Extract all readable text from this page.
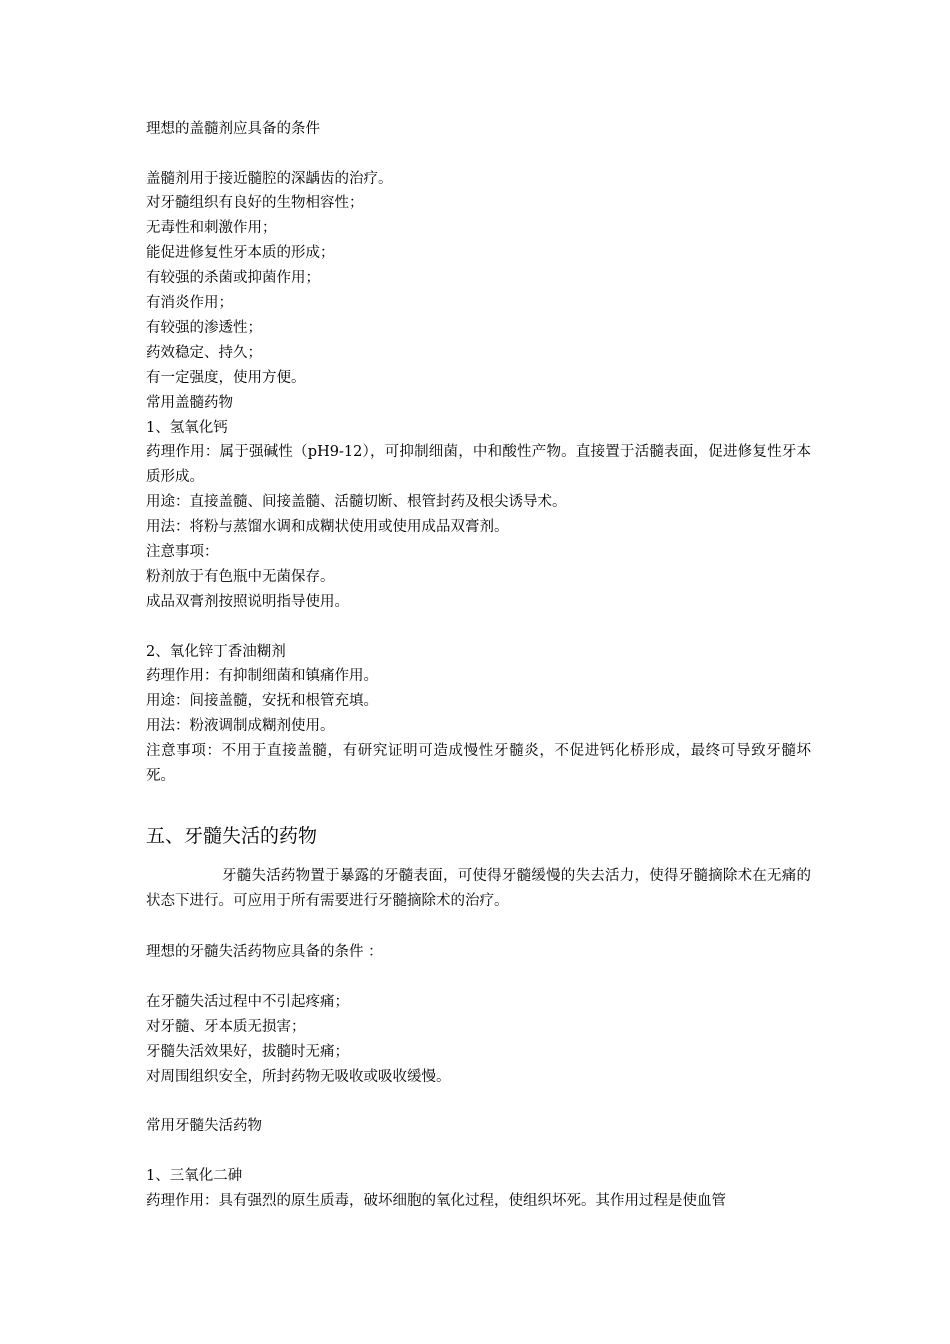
理想的盖髓剂应具备的条件
盖髓剂用于接近髓腔的深龋齿的治疗。
对牙髓组织有良好的生物相容性；
无毒性和刺激作用；
能促进修复性牙本质的形成；
有较强的杀菌或抑菌作用；
有消炎作用；
有较强的渗透性；
药效稳定、持久；
有一定强度，使用方便。
常用盖髓药物
1、氢氧化钙
药理作用：属于强碱性（pH9-12），可抑制细菌，中和酸性产物。直接置于活髓表面，促进修复性牙本质形成。
用途：直接盖髓、间接盖髓、活髓切断、根管封药及根尖诱导术。
用法：将粉与蒸馏水调和成糊状使用或使用成品双膏剂。
注意事项：
粉剂放于有色瓶中无菌保存。
成品双膏剂按照说明指导使用。
2、氧化锌丁香油糊剂
药理作用：有抑制细菌和镇痛作用。
用途：间接盖髓，安抚和根管充填。
用法：粉液调制成糊剂使用。
注意事项：不用于直接盖髓，有研究证明可造成慢性牙髓炎，不促进钙化桥形成，最终可导致牙髓坏死。
五、牙髓失活的药物
牙髓失活药物置于暴露的牙髓表面，可使得牙髓缓慢的失去活力，使得牙髓摘除术在无痛的状态下进行。可应用于所有需要进行牙髓摘除术的治疗。
理想的牙髓失活药物应具备的条件 ：
在牙髓失活过程中不引起疼痛；
对牙髓、牙本质无损害；
牙髓失活效果好，拔髓时无痛；
对周围组织安全，所封药物无吸收或吸收缓慢。
常用牙髓失活药物
1、三氧化二砷
药理作用：具有强烈的原生质毒，破坏细胞的氧化过程，使组织坏死。其作用过程是使血管
